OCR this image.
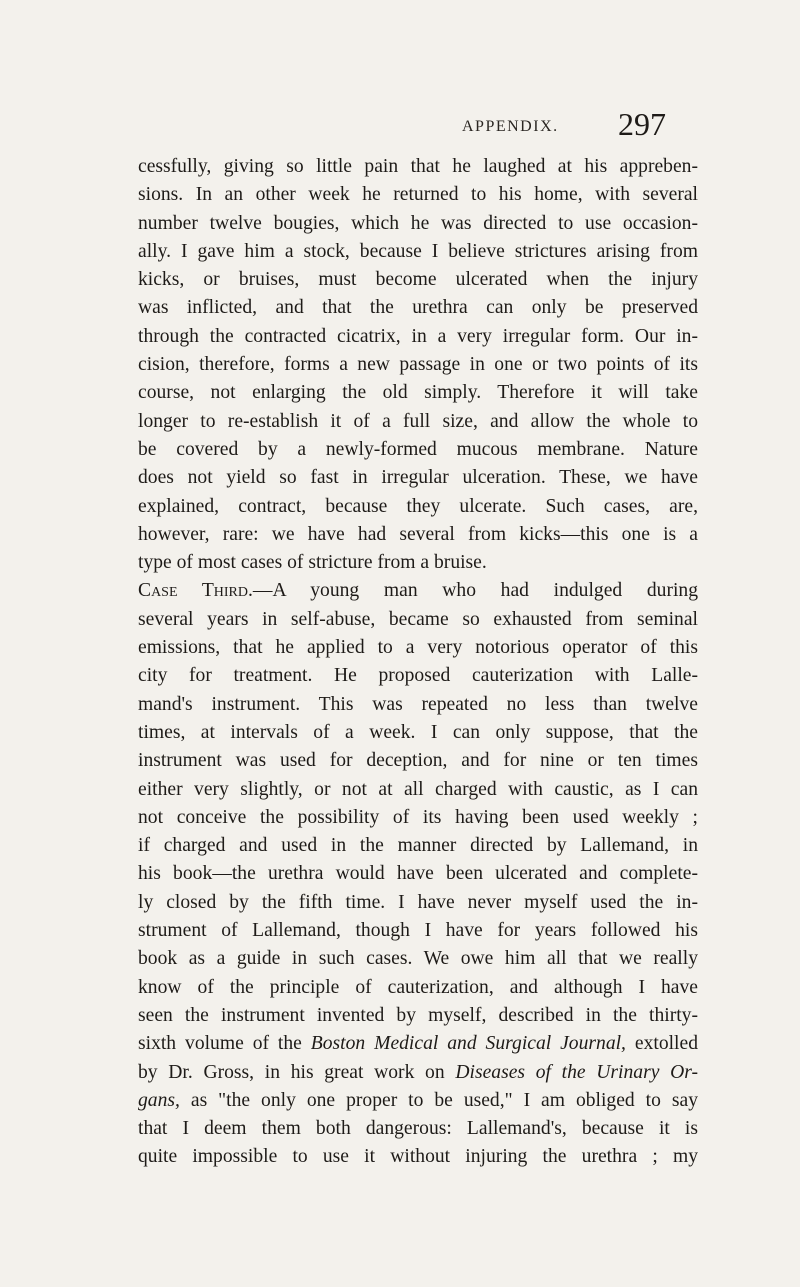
APPENDIX. 297
cessfully, giving so little pain that he laughed at his appreben-
sions. In an other week he returned to his home, with several
number twelve bougies, which he was directed to use occasion-
ally. I gave him a stock, because I believe strictures arising from
kicks, or bruises, must become ulcerated when the injury
was inflicted, and that the urethra can only be preserved
through the contracted cicatrix, in a very irregular form. Our in-
cision, therefore, forms a new passage in one or two points of its
course, not enlarging the old simply. Therefore it will take
longer to re-establish it of a full size, and allow the whole to
be covered by a newly-formed mucous membrane. Nature
does not yield so fast in irregular ulceration. These, we have
explained, contract, because they ulcerate. Such cases, are,
however, rare: we have had several from kicks—this one is a
type of most cases of stricture from a bruise.
Case Third.—A young man who had indulged during
several years in self-abuse, became so exhausted from seminal
emissions, that he applied to a very notorious operator of this
city for treatment. He proposed cauterization with Lalle-
mand's instrument. This was repeated no less than twelve
times, at intervals of a week. I can only suppose, that the
instrument was used for deception, and for nine or ten times
either very slightly, or not at all charged with caustic, as I can
not conceive the possibility of its having been used weekly ;
if charged and used in the manner directed by Lallemand, in
his book—the urethra would have been ulcerated and complete-
ly closed by the fifth time. I have never myself used the in-
strument of Lallemand, though I have for years followed his
book as a guide in such cases. We owe him all that we really
know of the principle of cauterization, and although I have
seen the instrument invented by myself, described in the thirty-
sixth volume of the Boston Medical and Surgical Journal, extolled
by Dr. Gross, in his great work on Diseases of the Urinary Or-
gans, as "the only one proper to be used," I am obliged to say
that I deem them both dangerous: Lallemand's, because it is
quite impossible to use it without injuring the urethra ; my
